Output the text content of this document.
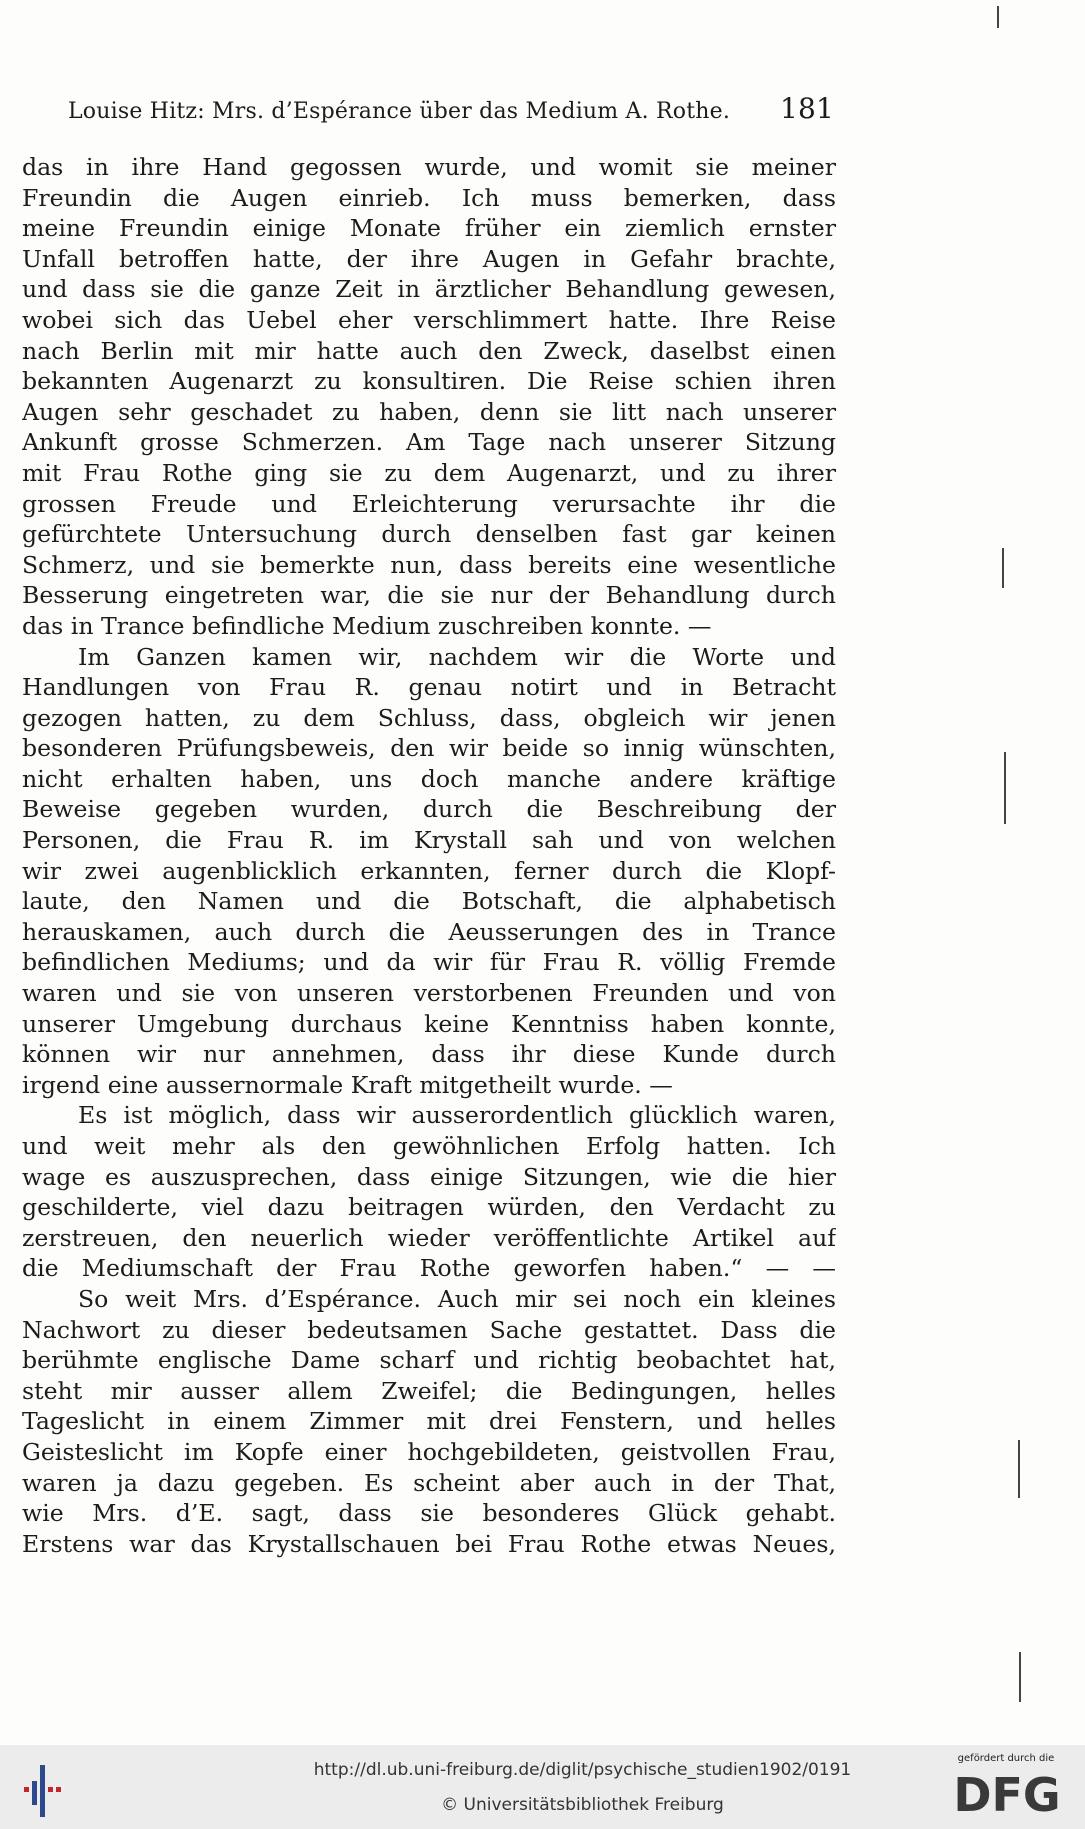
Louise Hitz: Mrs. d’Espérance über das Medium A. Rothe. 181
das in ihre Hand gegossen wurde, und womit sie meiner
Freundin die Augen einrieb. Ich muss bemerken, dass
meine Freundin einige Monate früher ein ziemlich ernster
Unfall betroffen hatte, der ihre Augen in Gefahr brachte,
und dass sie die ganze Zeit in ärztlicher Behandlung gewesen,
wobei sich das Uebel eher verschlimmert hatte. Ihre Reise
nach Berlin mit mir hatte auch den Zweck, daselbst einen
bekannten Augenarzt zu konsultiren. Die Reise schien ihren
Augen sehr geschadet zu haben, denn sie litt nach unserer
Ankunft grosse Schmerzen. Am Tage nach unserer Sitzung
mit Frau Rothe ging sie zu dem Augenarzt, und zu ihrer
grossen Freude und Erleichterung verursachte ihr die
gefürchtete Untersuchung durch denselben fast gar keinen
Schmerz, und sie bemerkte nun, dass bereits eine wesentliche
Besserung eingetreten war, die sie nur der Behandlung durch
das in Trance befindliche Medium zuschreiben konnte. —
Im Ganzen kamen wir, nachdem wir die Worte und
Handlungen von Frau R. genau notirt und in Betracht
gezogen hatten, zu dem Schluss, dass, obgleich wir jenen
besonderen Prüfungsbeweis, den wir beide so innig wünschten,
nicht erhalten haben, uns doch manche andere kräftige
Beweise gegeben wurden, durch die Beschreibung der
Personen, die Frau R. im Krystall sah und von welchen
wir zwei augenblicklich erkannten, ferner durch die Klopf-
laute, den Namen und die Botschaft, die alphabetisch
herauskamen, auch durch die Aeusserungen des in Trance
befindlichen Mediums; und da wir für Frau R. völlig Fremde
waren und sie von unseren verstorbenen Freunden und von
unserer Umgebung durchaus keine Kenntniss haben konnte,
können wir nur annehmen, dass ihr diese Kunde durch
irgend eine aussernormale Kraft mitgetheilt wurde. —
Es ist möglich, dass wir ausserordentlich glücklich waren,
und weit mehr als den gewöhnlichen Erfolg hatten. Ich
wage es auszusprechen, dass einige Sitzungen, wie die hier
geschilderte, viel dazu beitragen würden, den Verdacht zu
zerstreuen, den neuerlich wieder veröffentlichte Artikel auf
die Mediumschaft der Frau Rothe geworfen haben.“ — —
So weit Mrs. d’Espérance. Auch mir sei noch ein kleines
Nachwort zu dieser bedeutsamen Sache gestattet. Dass die
berühmte englische Dame scharf und richtig beobachtet hat,
steht mir ausser allem Zweifel; die Bedingungen, helles
Tageslicht in einem Zimmer mit drei Fenstern, und helles
Geisteslicht im Kopfe einer hochgebildeten, geistvollen Frau,
waren ja dazu gegeben. Es scheint aber auch in der That,
wie Mrs. d’E. sagt, dass sie besonderes Glück gehabt.
Erstens war das Krystallschauen bei Frau Rothe etwas Neues,
http://dl.ub.uni-freiburg.de/diglit/psychische_studien1902/0191
© Universitätsbibliothek Freiburg
gefördert durch die
DFG
